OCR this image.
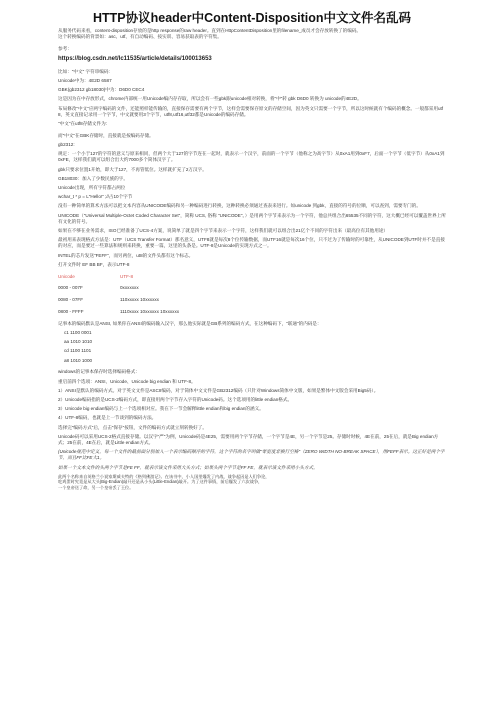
HTTP协议header中Content-Disposition中文文件名乱码

从服务代码来看，content-disposition存放的是http response的raw header。直到在HttpContentDisposition里的filename_成员才会存放转换了的编码。

这个转换编码的背景如：asc、utf、有自动编码、按实训、容易获取表的字符集。

参考：

https://blog.csdn.net/lc11535/article/details/100013653

比如："中文" 字符串编码:

Unicode中为：4E2D 6587

GBK(gb2312 gb18030)中为：D6D0 CEC4

这是因为在中存放形式，chrome内部统一用Unicode编内存存取，所以会有一些gbk跟unicode相对转换，将"中"转 gbk D6D0 转换为 unicode的4E2D。

布局修改"中文"应两字编码的文件，还能照样能传输的，直接保存需要有两个字节，这样会需要保存原文的存储空间，因为英文只需要一个字节，所以这时候就有个编码的概念。一般都采用utf8，英文直接记录用一个字节，中文就要用3个字节，utf8,utf16,utf32都是Unicode的编码存储。

"中文"在utf8存储文件为：

而"中文"在GBK存储时，直接就是按编码存储。

gb2312:

规定：一个小于127的字符的意义与原来相同，但两个大于127的字节连在一起时，就表示一个汉字，前面的一个字节（他称之为高字节）从0xA1用到0xF7，后面一个字节（低字节）从0xA1到0xFE，这样我们就可以组合出大约7000多个简体汉字了。

gbk只要求位置1开始，即大于127，不再管低位。这样就扩充了2万汉字。

GB18030：加入了少数民族的字。

Unicode出现，所有字符都占两位

wchar_t * p = L"Hello!" ;//占10个字节

没有一种简单的算术方法可以把文本内容从UNICODE编码和另一种编码进行转换，这种转换必须通过查表来进行。如unicode 到gbk，直接的符号的位顺，可以查到，需要专门的。

UNICODE（"Universal Multiple-Octet Coded Character Set"，简称 UCS, 俗称 "UNICODE"。）是用两个字节来表示为一个字符，他总共组合出65535不同的字符，这大概已经可以覆盖世界上所有文化的符号。

如果在不够在业务需求，ISO已经准备了UCS-4方案，说简单了就是四个字节来表示一个字符，这样我们就可以组合出21亿个不同的字符出来（最高位有其他用途）

最初用来表现格式方法是：UTF（UCS Transfer Format）那名意义，UTF8就是每次8个位传输数据，而UTF16就是每次16个位，只不过为了传输时的可靠性，从UNICODE到UTF时并不是直接的对应，而是要过一些算法和规则来转换，重要一篇，这里的头条是。UTF-8是Unicode的实现方式之一。

INTEL的芯片发送"FEFF"，而另两位，ut8的文件头都有这个标志。

打开文件时 EF BB BF，表示UTF-8

Unicode	UTF-8
0000 - 007F	0xxxxxxx
0080 - 07FF	110xxxxx 10xxxxxx
0800 - FFFF	1110xxxx 10xxxxxx 10xxxxxx

记事本的编码默认是ANSI, 如果你在ANSI的编码输入汉字，那么他实际就是GB系列的编码方式，在这种编码下，"联通"的内码是：

c1 1100 0001

aa 1010 1010

cd 1100 1101

a8 1010 1000

windows的记事本保存时选择编码格式：

重启前四个选项：ANSI、Unicode、Unicode big endian 和 UTF-8。

1）ANSI是默认的编码方式。对于英文文件是ASCII编码，对于简体中文文件是GB2312编码（只针对Windows简体中文版，如果是繁体中文版会采用Big5码）。

2）Unicode编码指的是UCS-2编码方式，即直接用两个字节存入字符的Unicode码。这个选项用的little endian格式。

3）Unicode big endian编码与上一个选项相对应。我在下一节会解释little endian和big endian的涵义。

4）UTF-8编码，也就是上一节谈到的编码方法。

选择完"编码方式"后，点击"保存"按钮，文件的编码方式就立刻转换好了。

Unicode码可以采用UCS-2格式直接存储。以汉字"严"为例，Unicode码是4E25，需要用两个字节存储，一个字节是4E，另一个字节是25。存储时时候，4E在前，25在后，就是Big endian方式；25在前，4E在后，就是Little endian方式。

(Unicode规范中定义，每一个文件的最前面分别加入一个表示编码顺序的字符，这个字符的名字叫做"零宽度非换行空格"（ZERO WIDTH NO-BREAK SPACE），用FEFF表示。这正好是两个字节，而且FF比FE大1。

如果一个文本文件的头两个字节是FE FF，就表示该文件采用大头方式；如果头两个字节是FF FE，就表示该文件采用小头方式。

此两个名称来自英格兰小说家斯威夫特的《格列佛游记》。在该书中，小人国里爆发了内战，战争起因是人们争论，

吃鸡蛋时究竟是从大头(Big-Endian)敲开还是从小头(Little-Endian)敲开。为了这件事情，前后爆发了六次战争，

一个皇帝送了命，另一个皇帝丢了王位。
